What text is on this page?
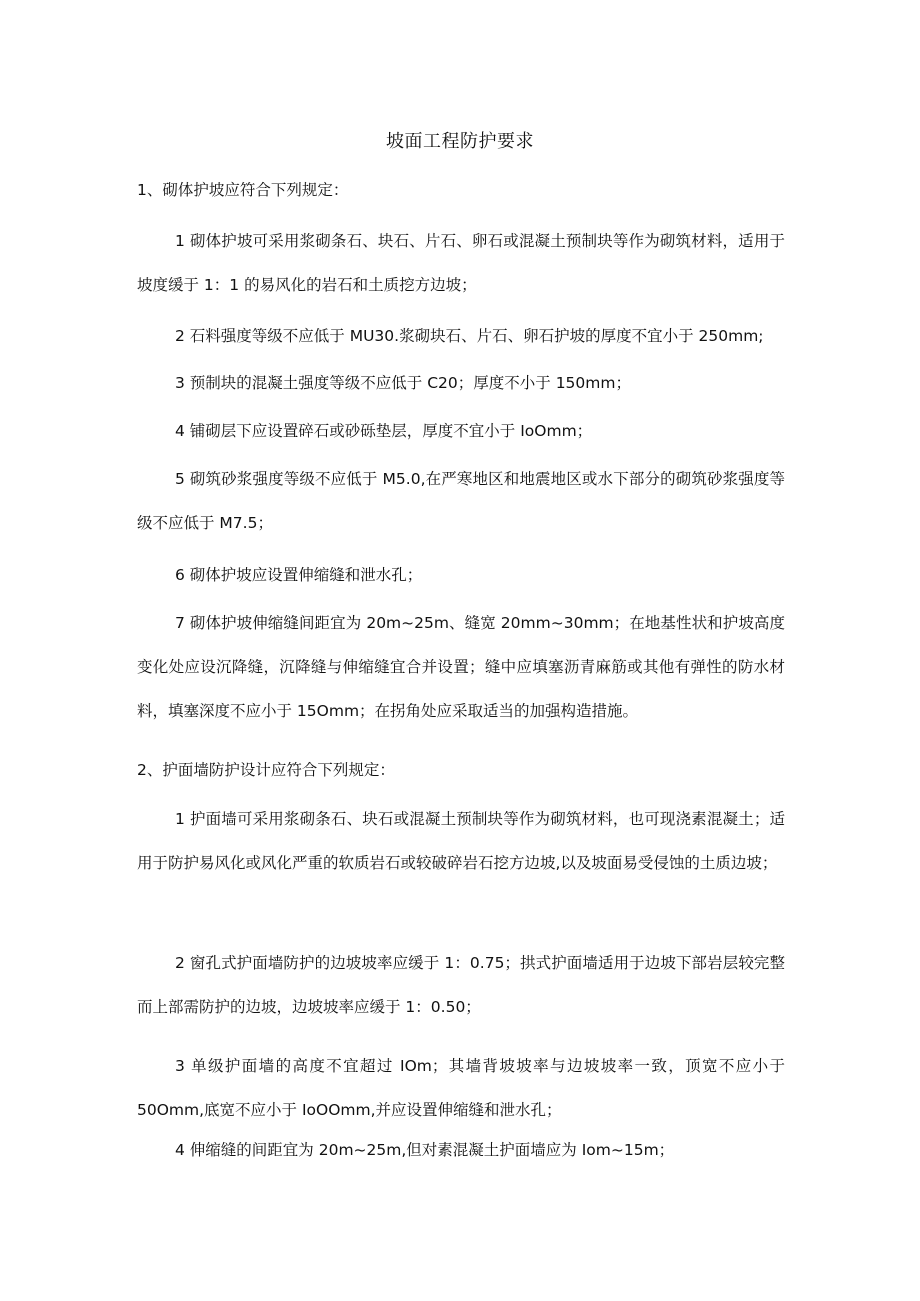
坡面工程防护要求
1、砌体护坡应符合下列规定：
1 砌体护坡可采用浆砌条石、块石、片石、卵石或混凝土预制块等作为砌筑材料，适用于坡度缓于 1：1 的易风化的岩石和土质挖方边坡；
2 石料强度等级不应低于 MU30.浆砌块石、片石、卵石护坡的厚度不宜小于 250mm;
3 预制块的混凝土强度等级不应低于 C20；厚度不小于 150mm；
4 铺砌层下应设置碎石或砂砾垫层，厚度不宜小于 IoOmm；
5 砌筑砂浆强度等级不应低于 M5.0,在严寒地区和地震地区或水下部分的砌筑砂浆强度等级不应低于 M7.5；
6 砌体护坡应设置伸缩缝和泄水孔；
7 砌体护坡伸缩缝间距宜为 20m~25m、缝宽 20mm~30mm；在地基性状和护坡高度变化处应设沉降缝，沉降缝与伸缩缝宜合并设置；缝中应填塞沥青麻筋或其他有弹性的防水材料，填塞深度不应小于 15Omm；在拐角处应采取适当的加强构造措施。
2、护面墙防护设计应符合下列规定：
1 护面墙可采用浆砌条石、块石或混凝土预制块等作为砌筑材料，也可现浇素混凝土；适用于防护易风化或风化严重的软质岩石或较破碎岩石挖方边坡,以及坡面易受侵蚀的土质边坡；
2 窗孔式护面墙防护的边坡坡率应缓于 1：0.75；拱式护面墙适用于边坡下部岩层较完整而上部需防护的边坡，边坡坡率应缓于 1：0.50；
3 单级护面墙的高度不宜超过 IOm；其墙背坡坡率与边坡坡率一致，顶宽不应小于 50Omm,底宽不应小于 IoOOmm,并应设置伸缩缝和泄水孔；
4 伸缩缝的间距宜为 20m~25m,但对素混凝土护面墙应为 Iom~15m；
